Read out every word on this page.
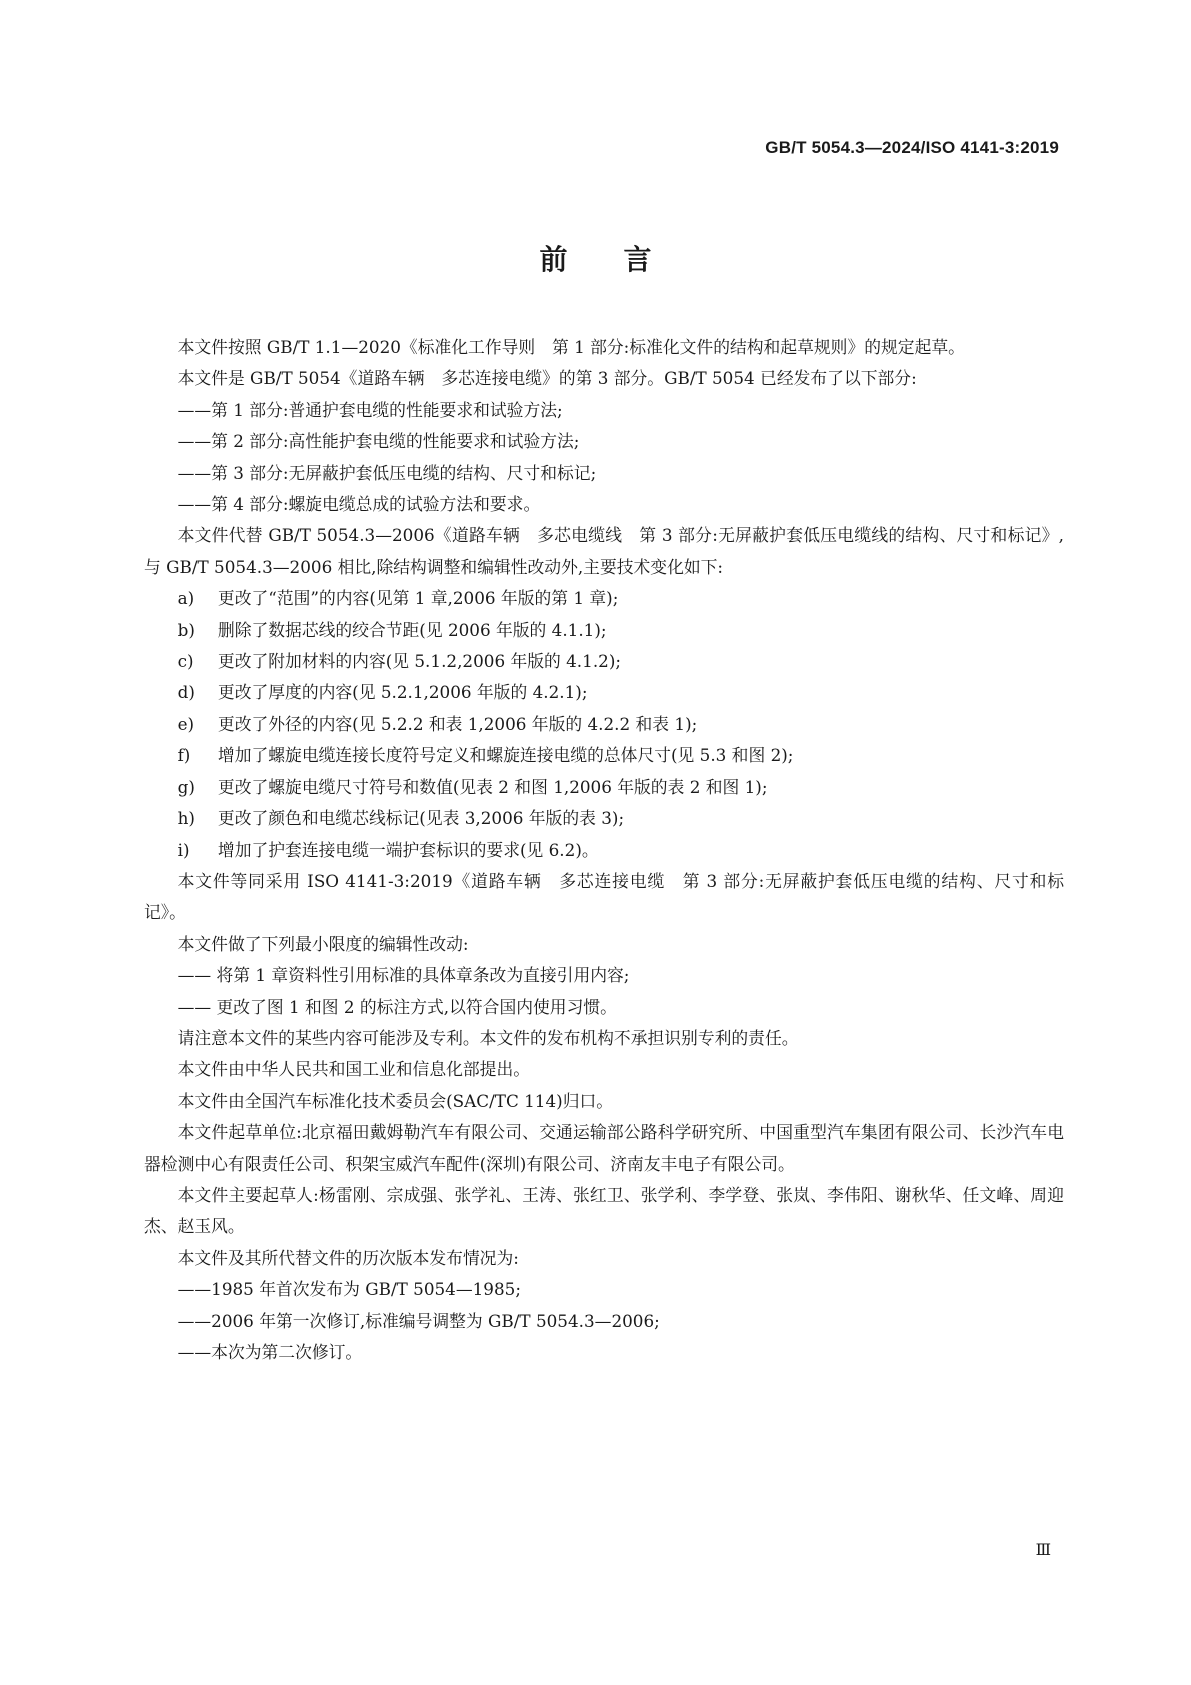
GB/T 5054.3—2024/ISO 4141-3:2019
前言

本文件按照 GB/T 1.1—2020《标准化工作导则　第 1 部分:标准化文件的结构和起草规则》的规定起草。

本文件是 GB/T 5054《道路车辆　多芯连接电缆》的第 3 部分。GB/T 5054 已经发布了以下部分:

——第 1 部分:普通护套电缆的性能要求和试验方法;

——第 2 部分:高性能护套电缆的性能要求和试验方法;

——第 3 部分:无屏蔽护套低压电缆的结构、尺寸和标记;

——第 4 部分:螺旋电缆总成的试验方法和要求。

本文件代替 GB/T 5054.3—2006《道路车辆　多芯电缆线　第 3 部分:无屏蔽护套低压电缆线的结构、尺寸和标记》,与 GB/T 5054.3—2006 相比,除结构调整和编辑性改动外,主要技术变化如下:

a) 更改了“范围”的内容(见第 1 章,2006 年版的第 1 章);

b) 删除了数据芯线的绞合节距(见 2006 年版的 4.1.1);

c) 更改了附加材料的内容(见 5.1.2,2006 年版的 4.1.2);

d) 更改了厚度的内容(见 5.2.1,2006 年版的 4.2.1);

e) 更改了外径的内容(见 5.2.2 和表 1,2006 年版的 4.2.2 和表 1);

f) 增加了螺旋电缆连接长度符号定义和螺旋连接电缆的总体尺寸(见 5.3 和图 2);

g) 更改了螺旋电缆尺寸符号和数值(见表 2 和图 1,2006 年版的表 2 和图 1);

h) 更改了颜色和电缆芯线标记(见表 3,2006 年版的表 3);

i) 增加了护套连接电缆一端护套标识的要求(见 6.2)。

本文件等同采用 ISO 4141-3:2019《道路车辆　多芯连接电缆　第 3 部分:无屏蔽护套低压电缆的结构、尺寸和标记》。

本文件做了下列最小限度的编辑性改动:

—— 将第 1 章资料性引用标准的具体章条改为直接引用内容;

—— 更改了图 1 和图 2 的标注方式,以符合国内使用习惯。

请注意本文件的某些内容可能涉及专利。本文件的发布机构不承担识别专利的责任。

本文件由中华人民共和国工业和信息化部提出。

本文件由全国汽车标准化技术委员会(SAC/TC 114)归口。

本文件起草单位:北京福田戴姆勒汽车有限公司、交通运输部公路科学研究所、中国重型汽车集团有限公司、长沙汽车电器检测中心有限责任公司、积架宝威汽车配件(深圳)有限公司、济南友丰电子有限公司。

本文件主要起草人:杨雷刚、宗成强、张学礼、王涛、张红卫、张学利、李学登、张岚、李伟阳、谢秋华、任文峰、周迎杰、赵玉风。

本文件及其所代替文件的历次版本发布情况为:

——1985 年首次发布为 GB/T 5054—1985;

——2006 年第一次修订,标准编号调整为 GB/T 5054.3—2006;

——本次为第二次修订。

Ⅲ
